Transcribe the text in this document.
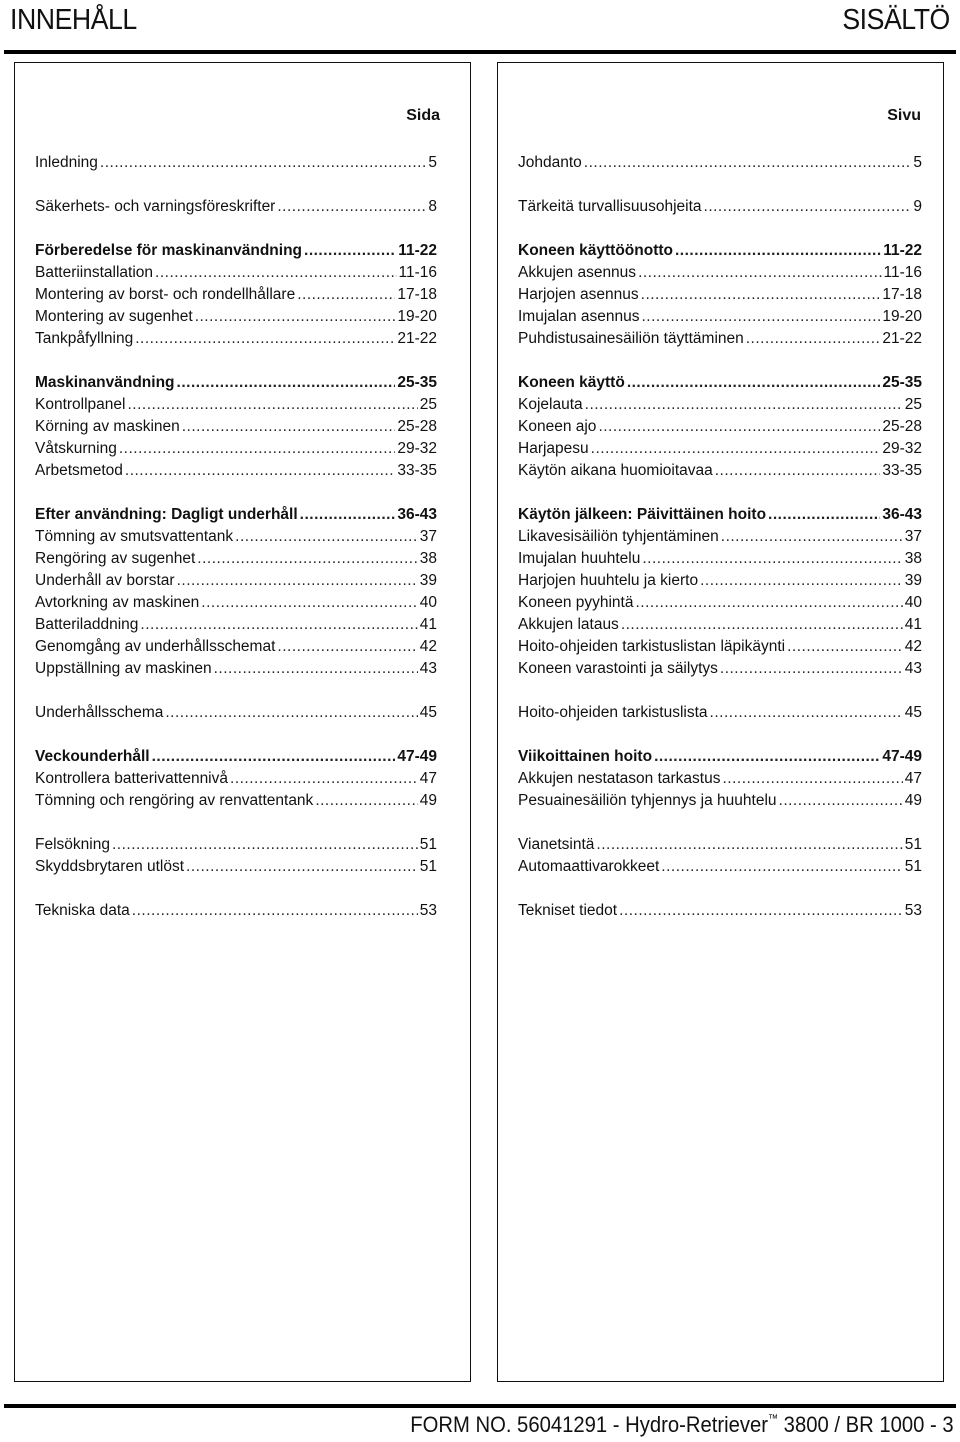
INNEHÅLL	SISÄLTÖ
Sida
Inledning .....	5
Säkerhets- och varningsföreskrifter .....	8
Förberedelse för maskinanvändning .....	11-22
Batteriinstallation .....	11-16
Montering av borst- och rondellhållare .....	17-18
Montering av sugenhet .....	19-20
Tankpåfyllning .....	21-22
Maskinanvändning .....	25-35
Kontrollpanel .....	25
Körning av maskinen .....	25-28
Våtskurning .....	29-32
Arbetsmetod .....	33-35
Efter användning: Dagligt underhåll .....	36-43
Tömning av smutsvattentank .....	37
Rengöring av sugenhet .....	38
Underhåll av borstar .....	39
Avtorkning av maskinen .....	40
Batteriladdning .....	41
Genomgång av underhållsschemat .....	42
Uppställning av maskinen .....	43
Underhållsschema .....	45
Veckounderhåll .....	47-49
Kontrollera batterivattennivå .....	47
Tömning och rengöring av renvattentank .....	49
Felsökning .....	51
Skyddsbrytaren utlöst .....	51
Tekniska data .....	53
Sivu
Johdanto .....	5
Tärkeitä turvallisuusohjeita .....	9
Koneen käyttöönotto .....	11-22
Akkujen asennus .....	11-16
Harjojen asennus .....	17-18
Imujalan asennus .....	19-20
Puhdistusainesäiliön täyttäminen .....	21-22
Koneen käyttö .....	25-35
Kojelauta .....	25
Koneen ajo .....	25-28
Harjapesu .....	29-32
Käytön aikana huomioitavaa .....	33-35
Käytön jälkeen: Päivittäinen hoito .....	36-43
Likavesisäiliön tyhjentäminen .....	37
Imujalan huuhtelu .....	38
Harjojen huuhtelu ja kierto .....	39
Koneen pyyhintä .....	40
Akkujen lataus .....	41
Hoito-ohjeiden tarkistuslistan läpikäynti .....	42
Koneen varastointi ja säilytys .....	43
Hoito-ohjeiden tarkistuslista .....	45
Viikoittainen hoito .....	47-49
Akkujen nestatason tarkastus .....	47
Pesuainesäiliön tyhjennys ja huuhtelu .....	49
Vianetsintä .....	51
Automaattivarokkeet .....	51
Tekniset tiedot .....	53
FORM NO. 56041291 - Hydro-Retriever™ 3800 / BR 1000 - 3
